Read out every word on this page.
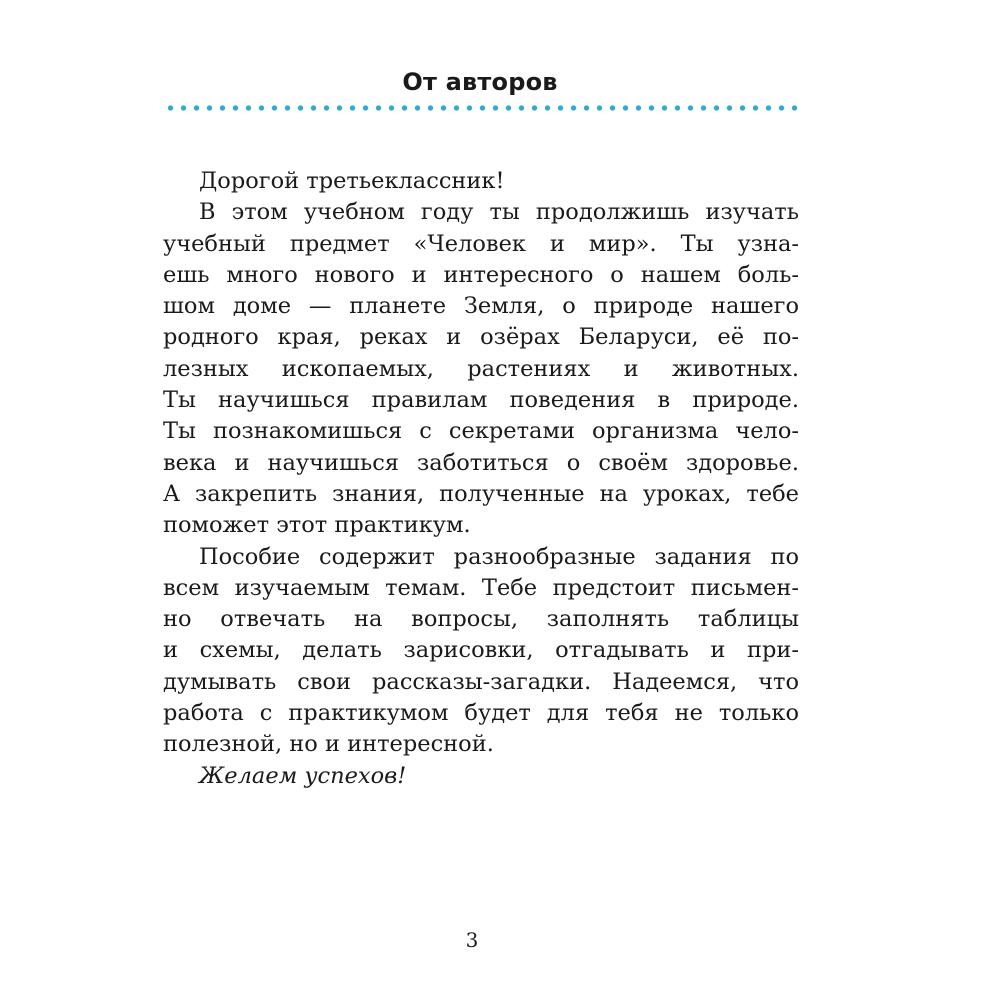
От авторов
Дорогой третьеклассник!
В этом учебном году ты продолжишь изучать
учебный предмет «Человек и мир». Ты узна-
ешь много нового и интересного о нашем боль-
шом доме — планете Земля, о природе нашего
родного края, реках и озёрах Беларуси, её по-
лезных ископаемых, растениях и животных.
Ты научишься правилам поведения в природе.
Ты познакомишься с секретами организма чело-
века и научишься заботиться о своём здоровье.
А закрепить знания, полученные на уроках, тебе
поможет этот практикум.
Пособие содержит разнообразные задания по
всем изучаемым темам. Тебе предстоит письмен-
но отвечать на вопросы, заполнять таблицы
и схемы, делать зарисовки, отгадывать и при-
думывать свои рассказы-загадки. Надеемся, что
работа с практикумом будет для тебя не только
полезной, но и интересной.
Желаем успехов!
3
